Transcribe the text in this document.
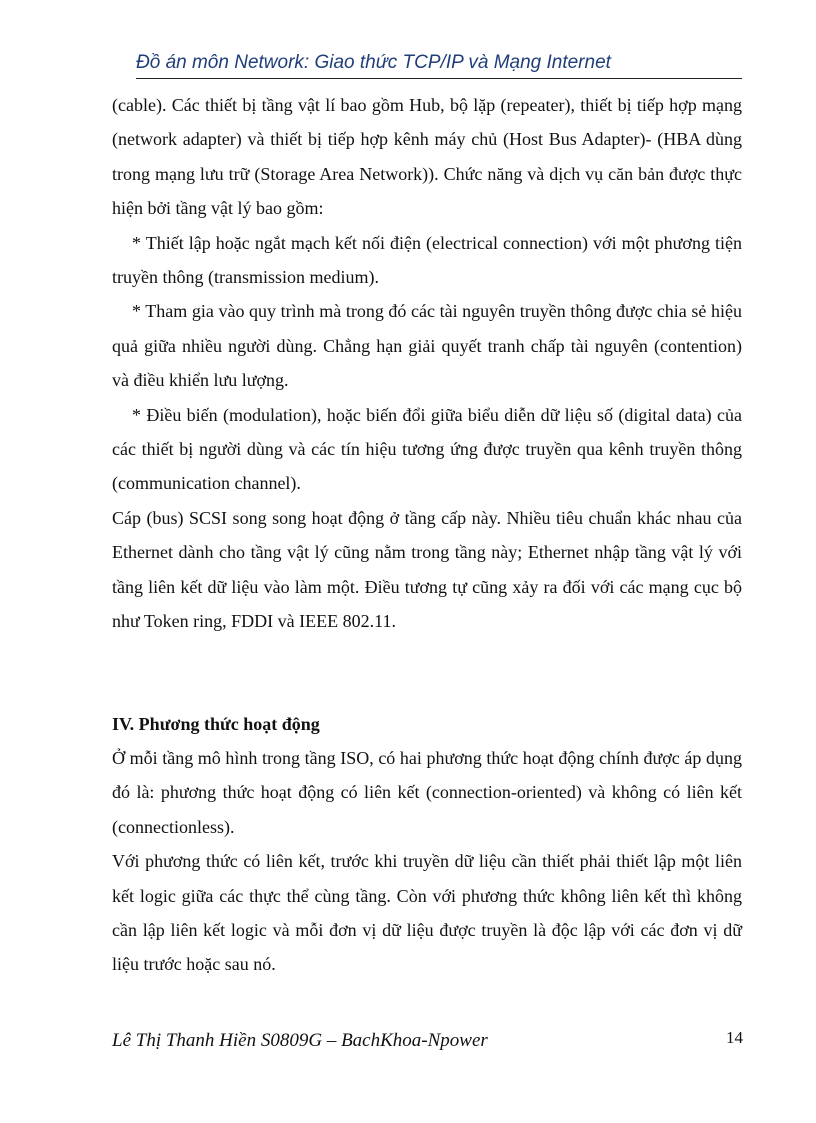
Đồ án môn Network: Giao thức TCP/IP và Mạng Internet

(cable). Các thiết bị tầng vật lí bao gồm Hub, bộ lặp (repeater), thiết bị tiếp hợp mạng (network adapter) và thiết bị tiếp hợp kênh máy chủ (Host Bus Adapter)- (HBA dùng trong mạng lưu trữ (Storage Area Network)). Chức năng và dịch vụ căn bản được thực hiện bởi tầng vật lý bao gồm:

* Thiết lập hoặc ngắt mạch kết nối điện (electrical connection) với một phương tiện truyền thông (transmission medium).

* Tham gia vào quy trình mà trong đó các tài nguyên truyền thông được chia sẻ hiệu quả giữa nhiều người dùng. Chẳng hạn giải quyết tranh chấp tài nguyên (contention) và điều khiển lưu lượng.

* Điều biến (modulation), hoặc biến đổi giữa biểu diễn dữ liệu số (digital data) của các thiết bị người dùng và các tín hiệu tương ứng được truyền qua kênh truyền thông (communication channel).

Cáp (bus) SCSI song song hoạt động ở tầng cấp này. Nhiều tiêu chuẩn khác nhau của Ethernet dành cho tầng vật lý cũng nằm trong tầng này; Ethernet nhập tầng vật lý với tầng liên kết dữ liệu vào làm một. Điều tương tự cũng xảy ra đối với các mạng cục bộ như Token ring, FDDI và IEEE 802.11.

IV. Phương thức hoạt động

Ở mỗi tầng mô hình trong tầng ISO, có hai phương thức hoạt động chính được áp dụng đó là: phương thức hoạt động có liên kết (connection-oriented) và không có liên kết (connectionless).

Với phương thức có liên kết, trước khi truyền dữ liệu cần thiết phải thiết lập một liên kết logic giữa các thực thể cùng tầng. Còn với phương thức không liên kết thì không cần lập liên kết logic và mỗi đơn vị dữ liệu được truyền là độc lập với các đơn vị dữ liệu trước hoặc sau nó.

Lê Thị Thanh Hiền S0809G – BachKhoa-Npower	14
